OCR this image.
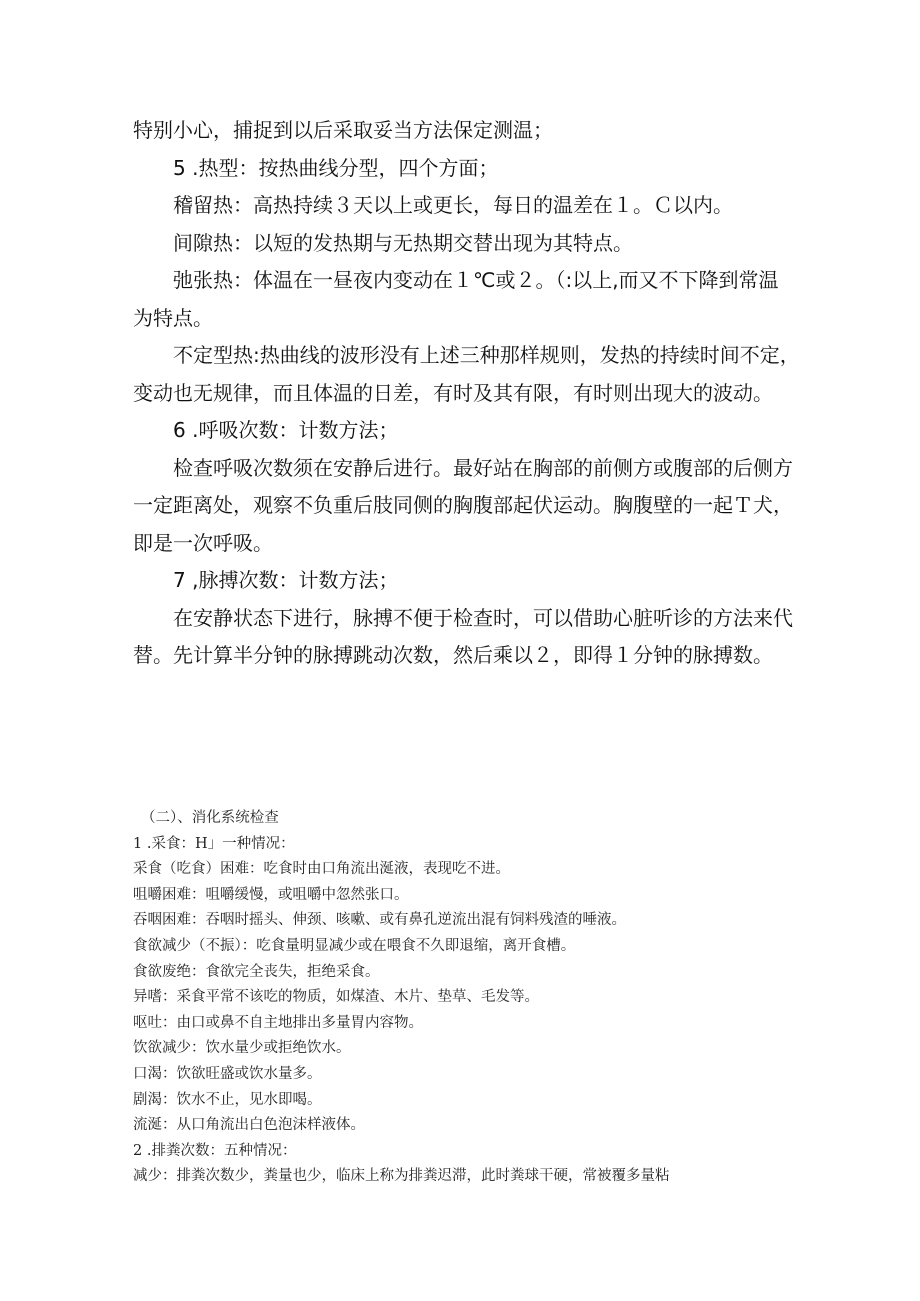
特别小心，捕捉到以后采取妥当方法保定测温；

5 .热型：按热曲线分型，四个方面；

稽留热：高热持续３天以上或更长，每日的温差在１。Ｃ以内。

间隙热：以短的发热期与无热期交替出现为其特点。

弛张热：体温在一昼夜内变动在１℃或２。（:以上,而又不下降到常温

为特点。

不定型热:热曲线的波形没有上述三种那样规则，发热的持续时间不定，

变动也无规律，而且体温的日差，有时及其有限，有时则出现大的波动。

6 .呼吸次数：计数方法；

检查呼吸次数须在安静后进行。最好站在胸部的前侧方或腹部的后侧方

一定距离处，观察不负重后肢同侧的胸腹部起伏运动。胸腹壁的一起Ｔ犬，

即是一次呼吸。

7 ,脉搏次数：计数方法；

在安静状态下进行，脉搏不便于检查时，可以借助心脏听诊的方法来代

替。先计算半分钟的脉搏跳动次数，然后乘以２，即得１分钟的脉搏数。

（二）、消化系统检查

1 .采食：H」一种情况：

采食（吃食）困难：吃食时由口角流出涎液，表现吃不进。

咀嚼困难：咀嚼缓慢，或咀嚼中忽然张口。

吞咽困难：吞咽时摇头、伸颈、咳嗽、或有鼻孔逆流出混有饲料残渣的唾液。

食欲减少（不振）：吃食量明显减少或在喂食不久即退缩，离开食槽。

食欲废绝：食欲完全丧失，拒绝采食。

异嗜：采食平常不该吃的物质，如煤渣、木片、垫草、毛发等。

呕吐：由口或鼻不自主地排出多量胃内容物。

饮欲减少：饮水量少或拒绝饮水。

口渴：饮欲旺盛或饮水量多。

剧渴：饮水不止，见水即喝。

流涎：从口角流出白色泡沫样液体。

2 .排粪次数：五种情况：

减少：排粪次数少，粪量也少，临床上称为排粪迟滞，此时粪球干硬，常被覆多量粘
